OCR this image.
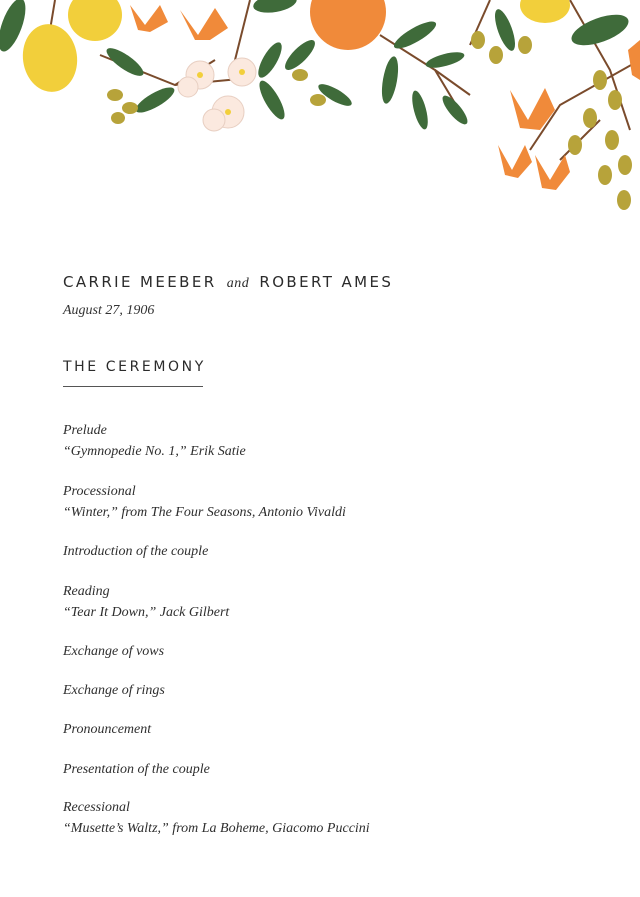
CARRIE MEEBER and ROBERT AMES
August 27, 1906
THE CEREMONY
Prelude
“Gymnopedie No. 1,” Erik Satie
Processional
“Winter,” from The Four Seasons, Antonio Vivaldi
Introduction of the couple
Reading
“Tear It Down,” Jack Gilbert
Exchange of vows
Exchange of rings
Pronouncement
Presentation of the couple
Recessional
“Musette’s Waltz,” from La Boheme, Giacomo Puccini
